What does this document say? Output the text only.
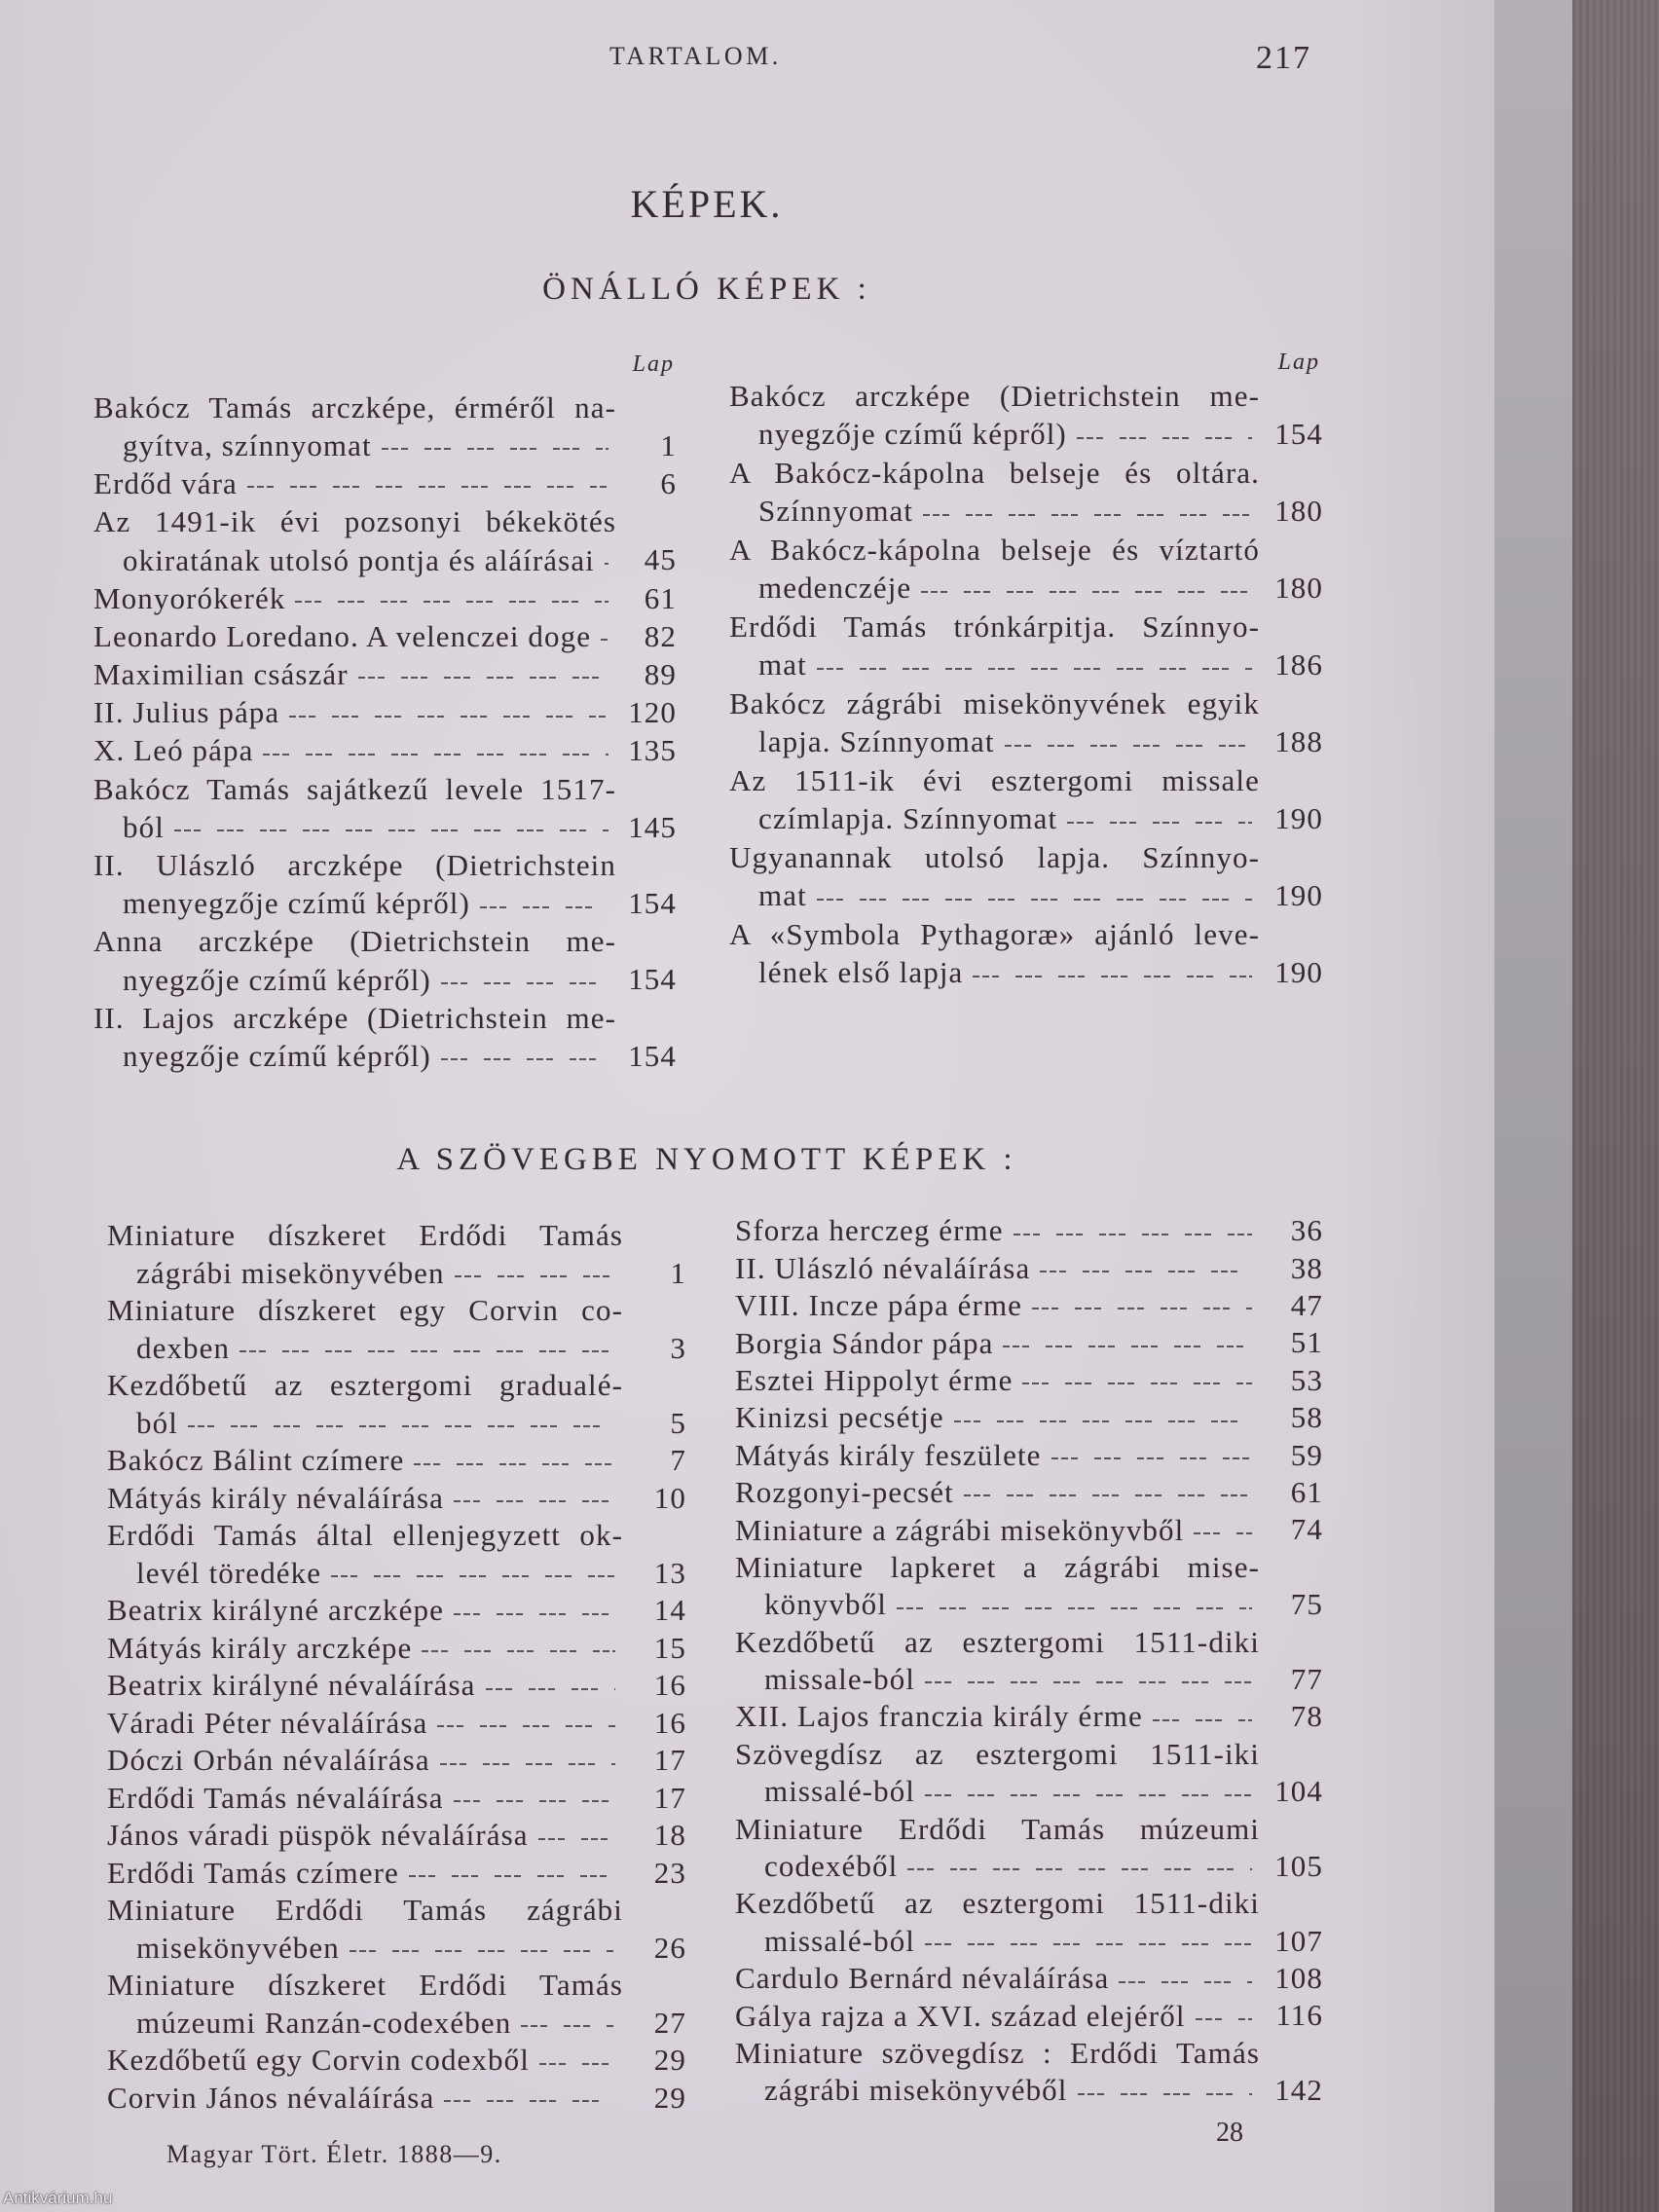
TARTALOM.	217
KÉPEK.
ÖNÁLLÓ KÉPEK :
Lap	Lap
Bakócz Tamás arczképe, érméről na-
gyítva, színnyomat	1
Erdőd vára	6
Az 1491-ik évi pozsonyi békekötés
okiratának utolsó pontja és aláírásai	45
Monyorókerék	61
Leonardo Loredano. A velenczei doge	82
Maximilian császár	89
II. Julius pápa	120
X. Leó pápa	135
Bakócz Tamás sajátkezű levele 1517-
ból	145
II. Ulászló arczképe (Dietrichstein
menyegzője czímű képről)	154
Anna arczképe (Dietrichstein me-
nyegzője czímű képről)	154
II. Lajos arczképe (Dietrichstein me-
nyegzője czímű képről)	154
Bakócz arczképe (Dietrichstein me-
nyegzője czímű képről)	154
A Bakócz-kápolna belseje és oltára.
Színnyomat	180
A Bakócz-kápolna belseje és víztartó
medenczéje	180
Erdődi Tamás trónkárpitja. Színnyo-
mat	186
Bakócz zágrábi misekönyvének egyik
lapja. Színnyomat	188
Az 1511-ik évi esztergomi missale
czímlapja. Színnyomat	190
Ugyanannak utolsó lapja. Színnyo-
mat	190
A «Symbola Pythagoræ» ajánló leve-
lének első lapja	190
A SZÖVEGBE NYOMOTT KÉPEK :
Miniature díszkeret Erdődi Tamás
zágrábi misekönyvében	1
Miniature díszkeret egy Corvin co-
dexben	3
Kezdőbetű az esztergomi gradualé-
ból	5
Bakócz Bálint czímere	7
Mátyás király névaláírása	10
Erdődi Tamás által ellenjegyzett ok-
levél töredéke	13
Beatrix királyné arczképe	14
Mátyás király arczképe	15
Beatrix királyné névaláírása	16
Váradi Péter névaláírása	16
Dóczi Orbán névaláírása	17
Erdődi Tamás névaláírása	17
János váradi püspök névaláírása	18
Erdődi Tamás czímere	23
Miniature Erdődi Tamás zágrábi
misekönyvében	26
Miniature díszkeret Erdődi Tamás
múzeumi Ranzán-codexében	27
Kezdőbetű egy Corvin codexből	29
Corvin János névaláírása	29
Sforza herczeg érme	36
II. Ulászló névaláírása	38
VIII. Incze pápa érme	47
Borgia Sándor pápa	51
Esztei Hippolyt érme	53
Kinizsi pecsétje	58
Mátyás király feszülete	59
Rozgonyi-pecsét	61
Miniature a zágrábi misekönyvből	74
Miniature lapkeret a zágrábi mise-
könyvből	75
Kezdőbetű az esztergomi 1511-diki
missale-ból	77
XII. Lajos franczia király érme	78
Szövegdísz az esztergomi 1511-iki
missalé-ból	104
Miniature Erdődi Tamás múzeumi
codexéből	105
Kezdőbetű az esztergomi 1511-diki
missalé-ból	107
Cardulo Bernárd névaláírása	108
Gálya rajza a XVI. század elejéről	116
Miniature szövegdísz : Erdődi Tamás
zágrábi misekönyvéből	142
Magyar Tört. Életr. 1888—9.
28
Antikvárium.hu
